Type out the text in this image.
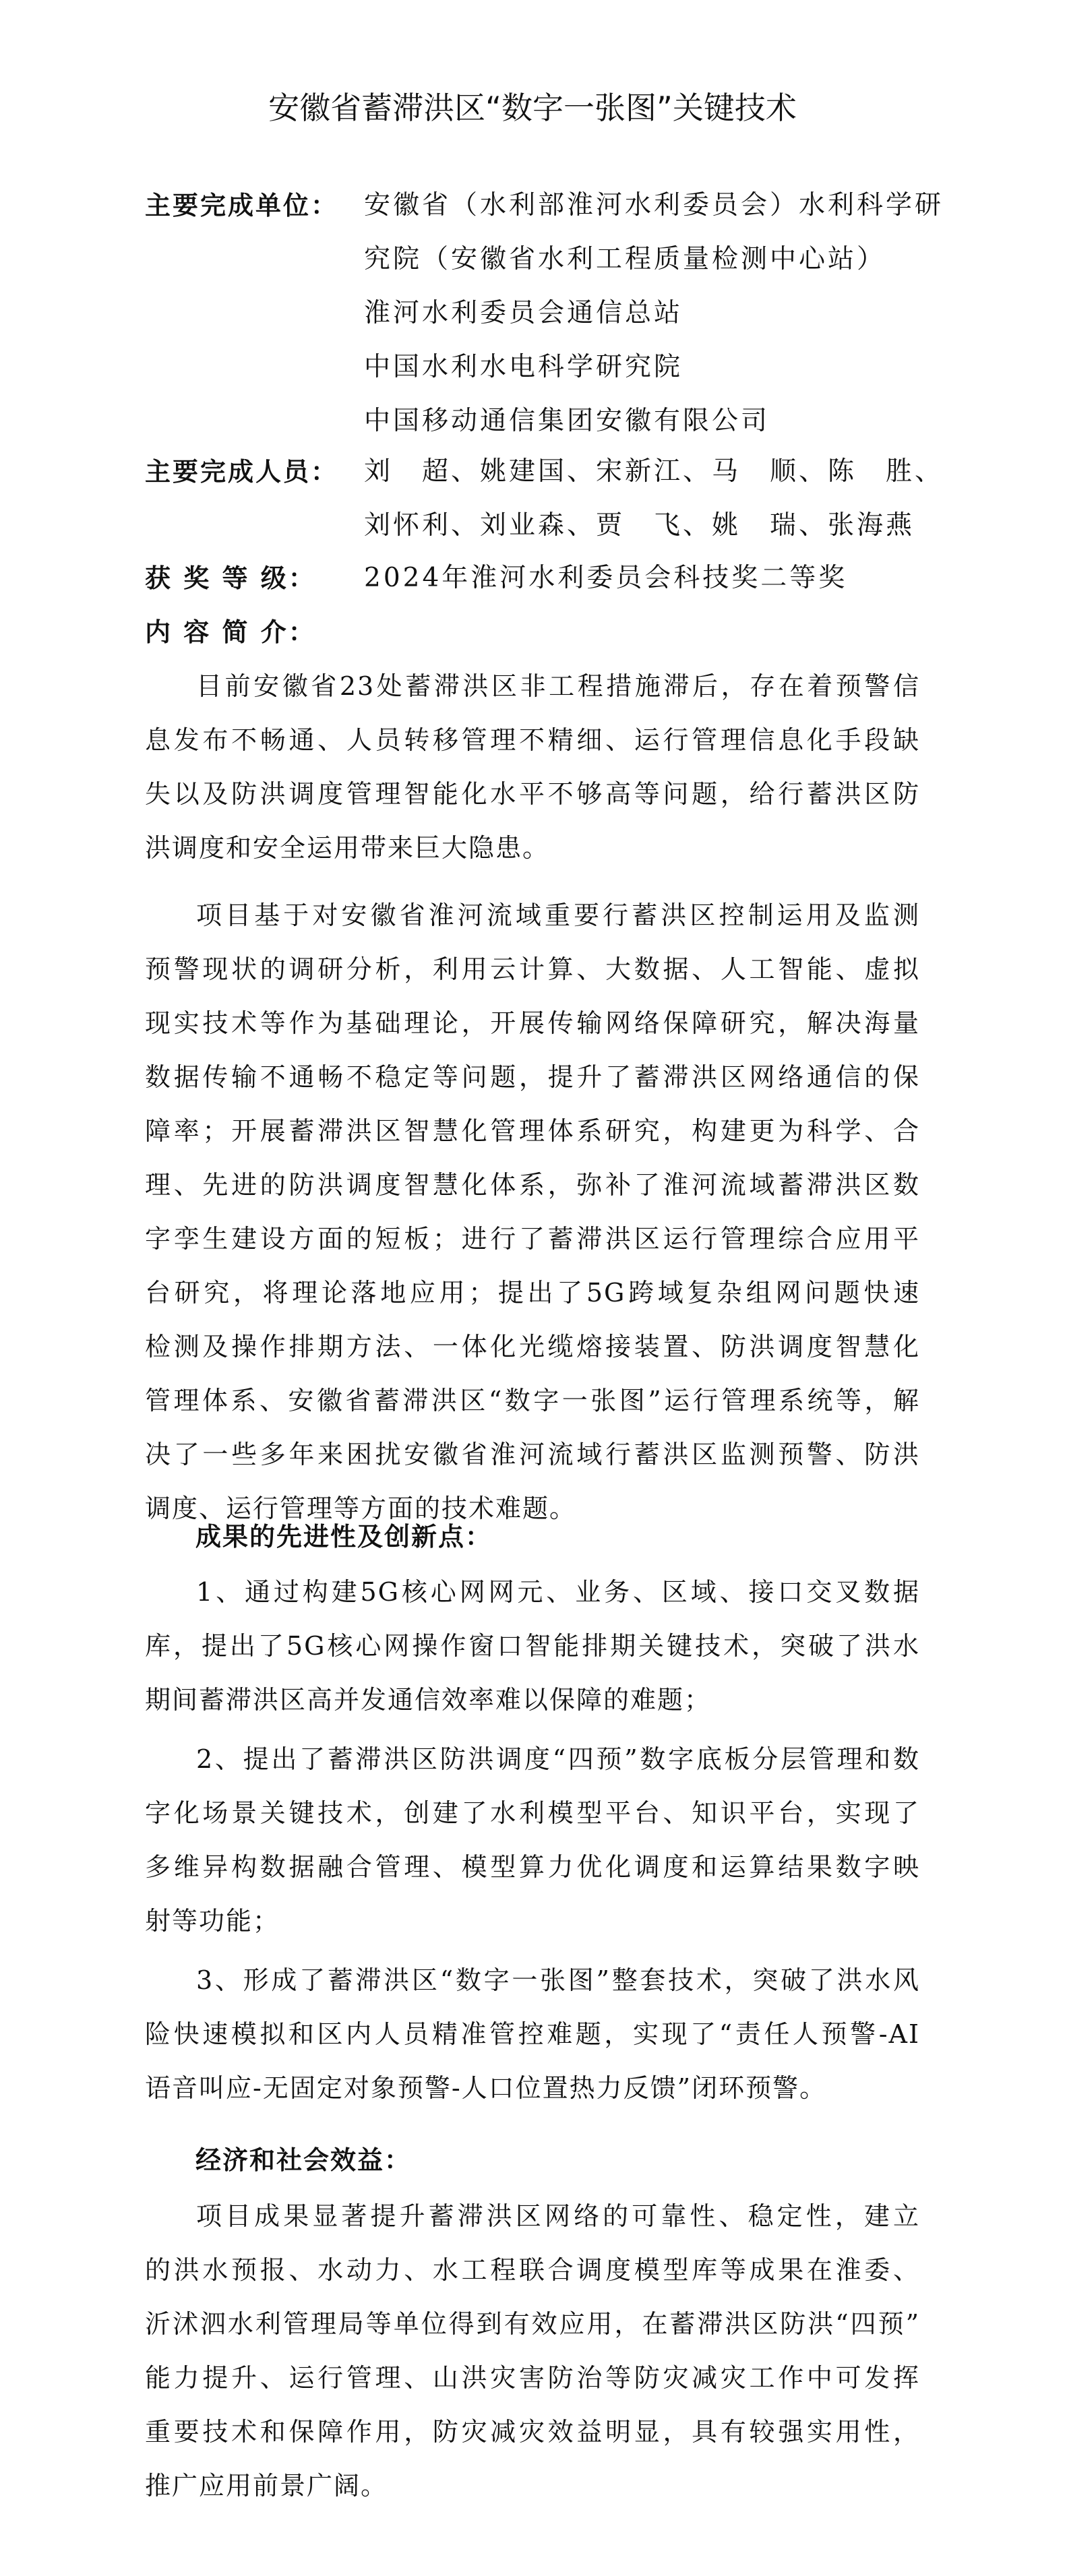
安徽省蓄滞洪区“数字一张图”关键技术
主要完成单位： 安徽省（水利部淮河水利委员会）水利科学研
究院（安徽省水利工程质量检测中心站）
淮河水利委员会通信总站
中国水利水电科学研究院
中国移动通信集团安徽有限公司
主要完成人员： 刘　超、姚建国、宋新江、马　顺、陈　胜、
刘怀利、刘业森、贾　飞、姚　瑞、张海燕
获 奖 等 级：	2024年淮河水利委员会科技奖二等奖
内 容 简 介：
目前安徽省23处蓄滞洪区非工程措施滞后，存在着预警信
息发布不畅通、人员转移管理不精细、运行管理信息化手段缺
失以及防洪调度管理智能化水平不够高等问题，给行蓄洪区防
洪调度和安全运用带来巨大隐患。
项目基于对安徽省淮河流域重要行蓄洪区控制运用及监测
预警现状的调研分析，利用云计算、大数据、人工智能、虚拟
现实技术等作为基础理论，开展传输网络保障研究，解决海量
数据传输不通畅不稳定等问题，提升了蓄滞洪区网络通信的保
障率；开展蓄滞洪区智慧化管理体系研究，构建更为科学、合
理、先进的防洪调度智慧化体系，弥补了淮河流域蓄滞洪区数
字孪生建设方面的短板；进行了蓄滞洪区运行管理综合应用平
台研究，将理论落地应用；提出了5G跨域复杂组网问题快速
检测及操作排期方法、一体化光缆熔接装置、防洪调度智慧化
管理体系、安徽省蓄滞洪区“数字一张图”运行管理系统等，解
决了一些多年来困扰安徽省淮河流域行蓄洪区监测预警、防洪
调度、运行管理等方面的技术难题。
成果的先进性及创新点：
1、通过构建5G核心网网元、业务、区域、接口交叉数据
库，提出了5G核心网操作窗口智能排期关键技术，突破了洪水
期间蓄滞洪区高并发通信效率难以保障的难题；
2、提出了蓄滞洪区防洪调度“四预”数字底板分层管理和数
字化场景关键技术，创建了水利模型平台、知识平台，实现了
多维异构数据融合管理、模型算力优化调度和运算结果数字映
射等功能；
3、形成了蓄滞洪区“数字一张图”整套技术，突破了洪水风
险快速模拟和区内人员精准管控难题，实现了“责任人预警-AI
语音叫应-无固定对象预警-人口位置热力反馈”闭环预警。
经济和社会效益：
项目成果显著提升蓄滞洪区网络的可靠性、稳定性，建立
的洪水预报、水动力、水工程联合调度模型库等成果在淮委、
沂沭泗水利管理局等单位得到有效应用，在蓄滞洪区防洪“四预”
能力提升、运行管理、山洪灾害防治等防灾减灾工作中可发挥
重要技术和保障作用，防灾减灾效益明显，具有较强实用性，
推广应用前景广阔。
